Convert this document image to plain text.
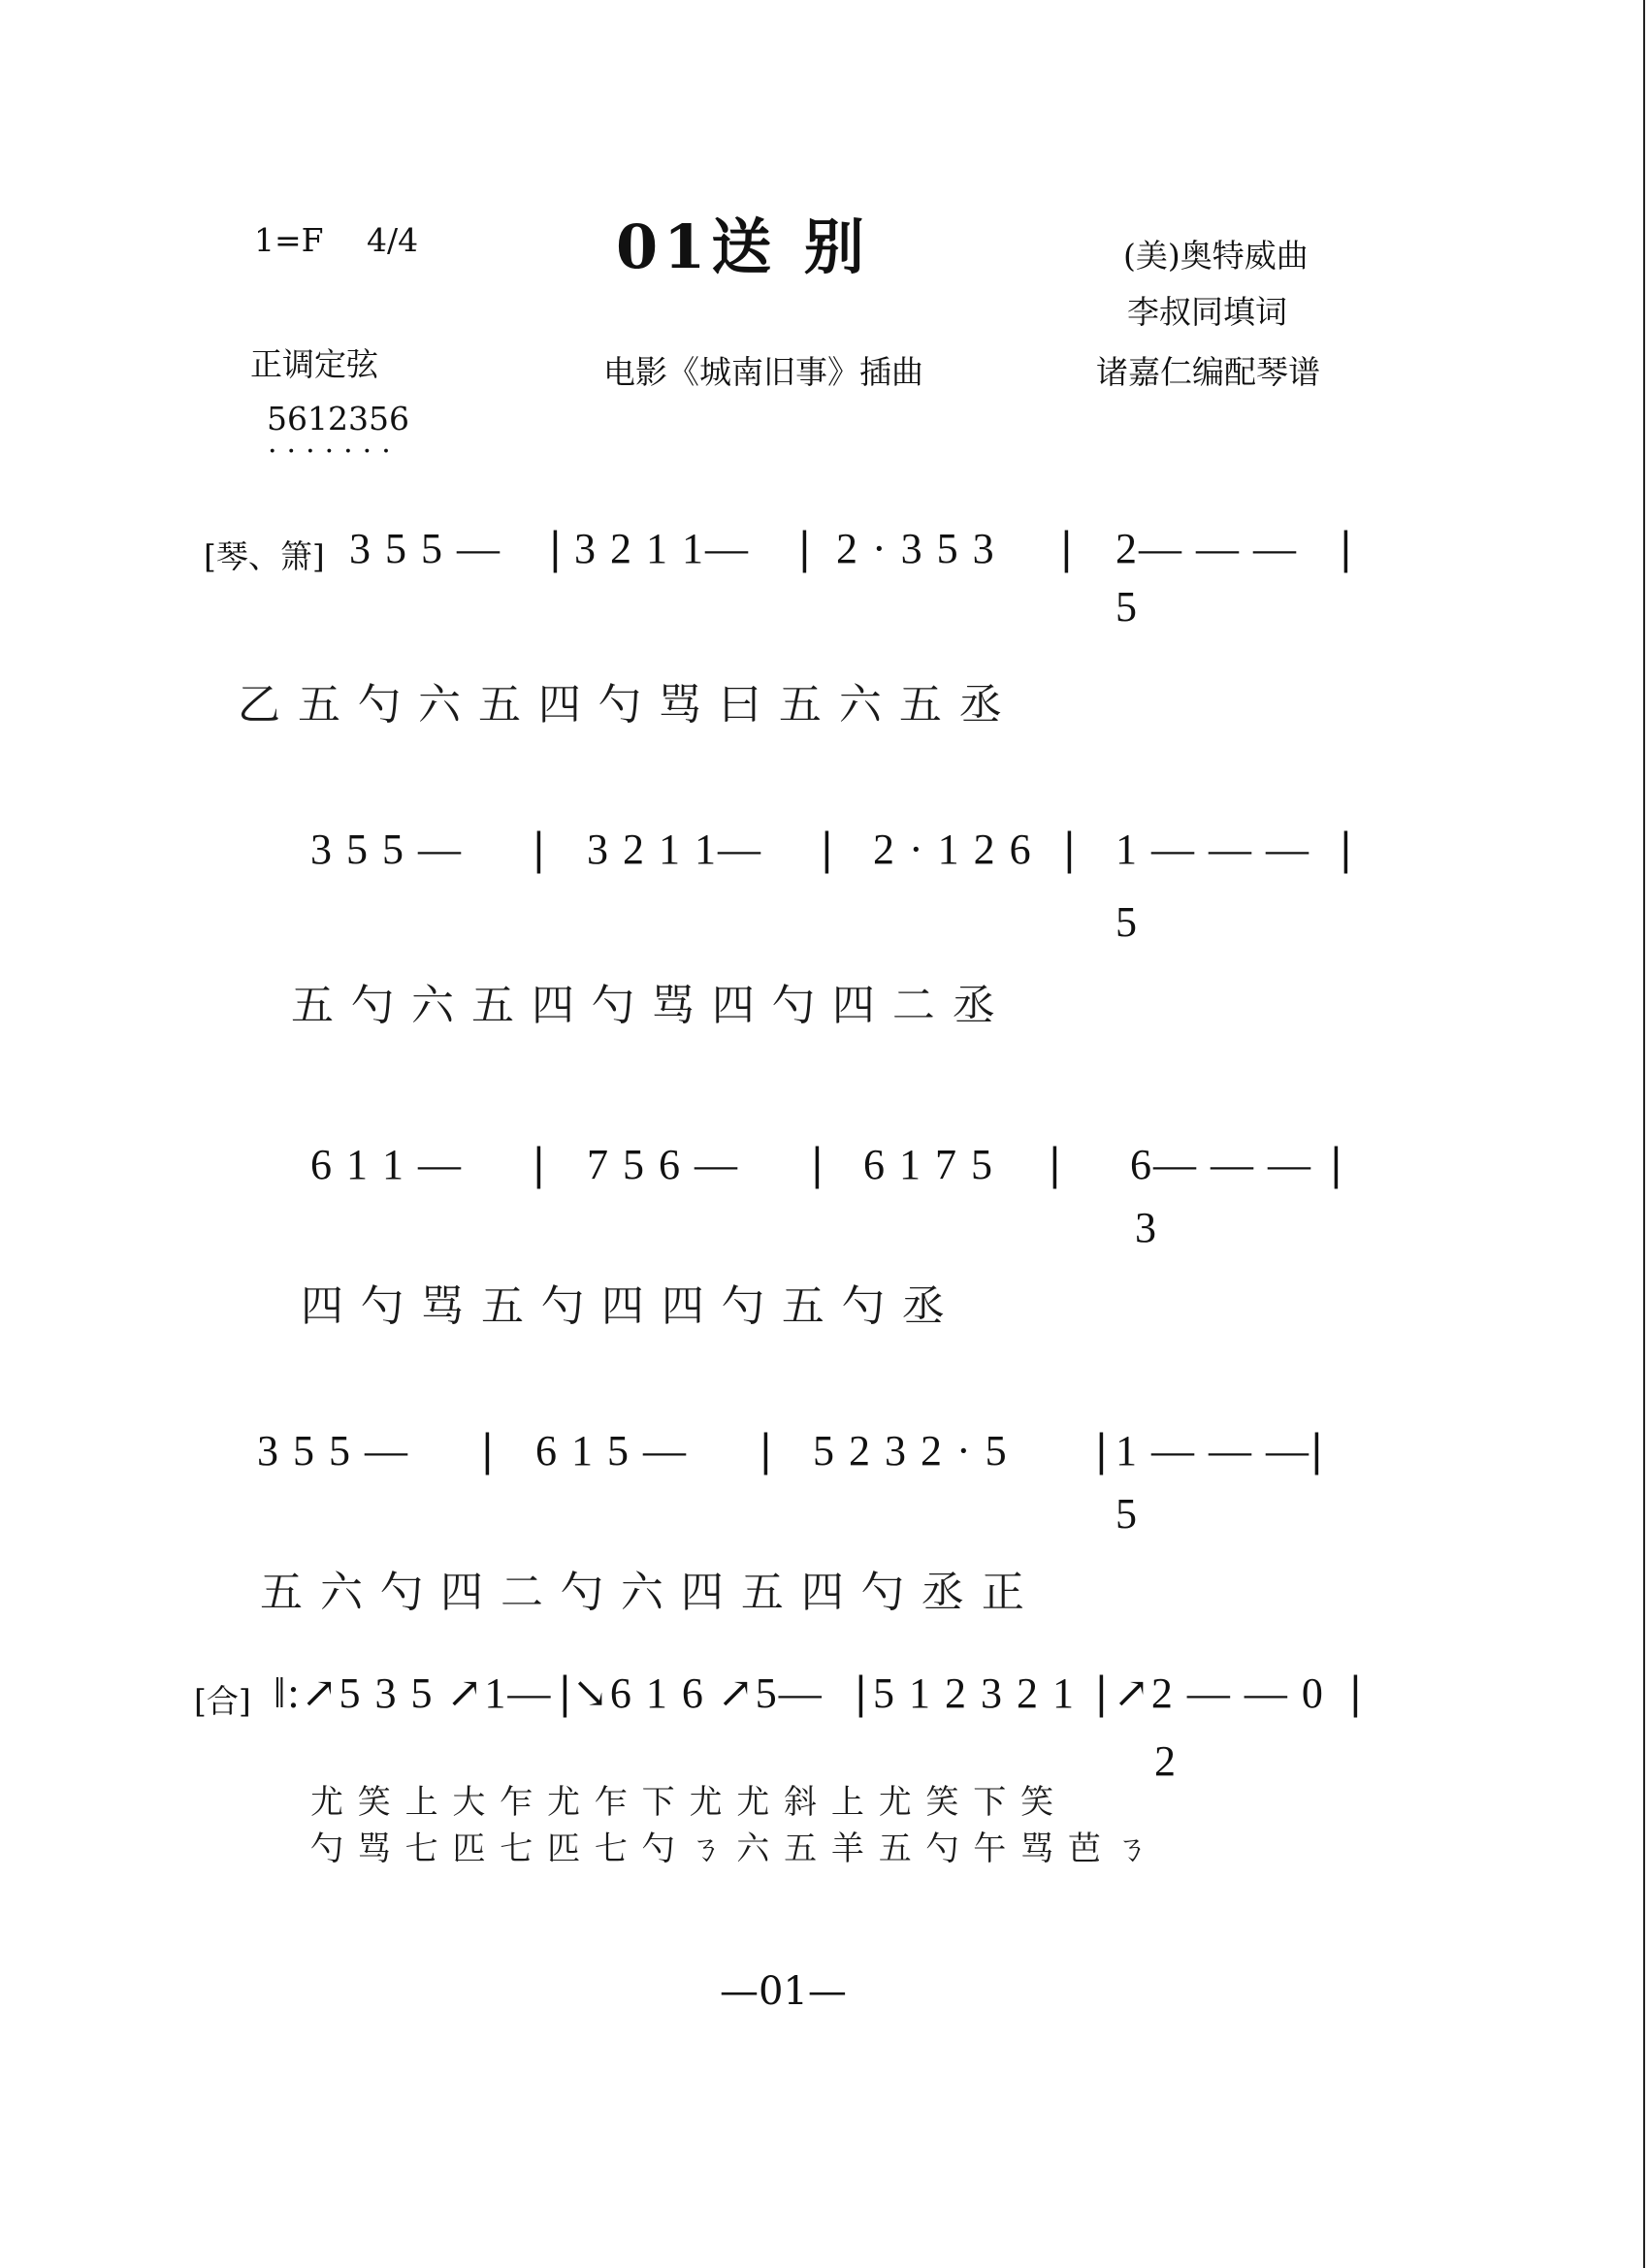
1=F 4/4	01送 别	(美)奥特威曲
李叔同填词
正调定弦	电影《城南旧事》插曲	诸嘉仁编配琴谱
5612356
·······
[琴、箫] 3 5 5 — | 3 2 1 1— | 2 · 3 5 3 | 2— — — |
5
乙 五 勺 六 五 四 勺 骂 曰 五 六 五 丞
3 5 5 — | 3 2 1 1— | 2 · 1 2 6 | 1 — — — |
5
五 勺 六 五 四 勺 骂 四 勺 四 二 丞
6 1 1 — | 7 5 6 — | 6 1 7 5 | 6— — — |
3
四 勺 骂 五 勺 四 四 勺 五 勺 丞
3 5 5 — | 6 1 5 — | 5 2 3 2 · 5 | 1 — — — |
5
五 六 勺 四 二 勺 六 四 五 四 勺 丞 正
[合] ‖:↗5 3 5 ↗1— | ↘6 1 6 ↗5— | 5 1 2 3 2 1 | ↗2 — — 0 |
2
尤 笑 上 大 乍 尤 乍 下 尤 尤 斜 上 尤 笑 下 笑
勺 骂 七 匹 七 匹 七 勺 ㄋ 六 五 羊 五 勺 午 骂 芭 ㄋ
—01—
